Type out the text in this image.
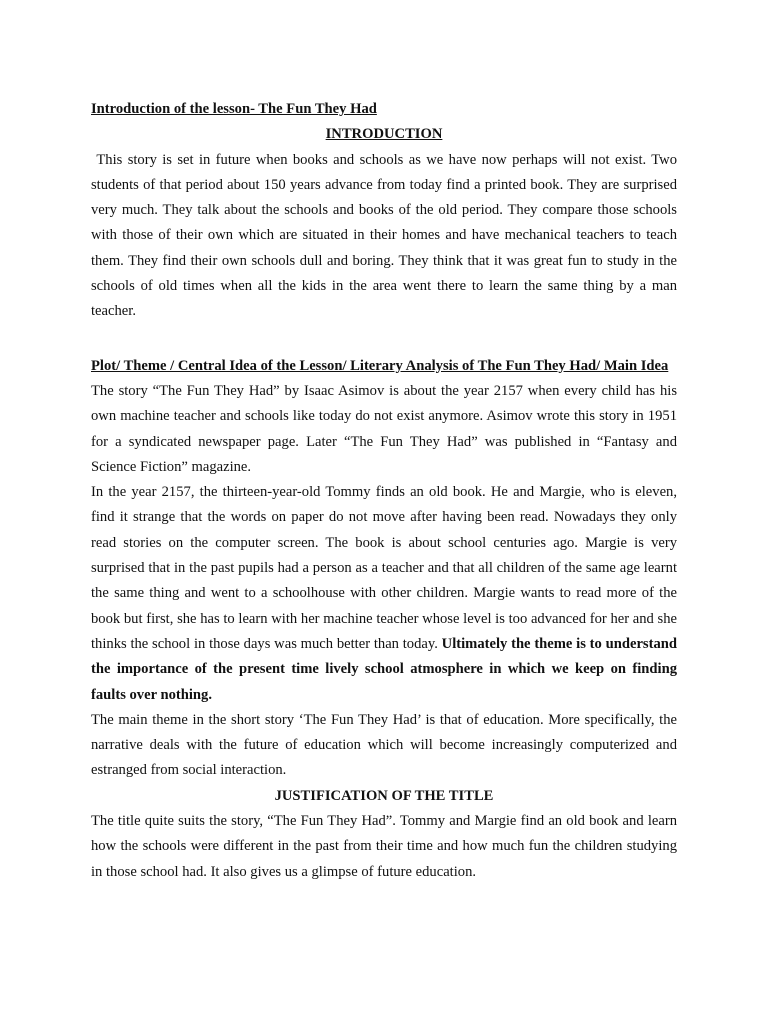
Introduction of the lesson- The Fun They Had

INTRODUCTION

This story is set in future when books and schools as we have now perhaps will not exist. Two students of that period about 150 years advance from today find a printed book. They are surprised very much. They talk about the schools and books of the old period. They compare those schools with those of their own which are situated in their homes and have mechanical teachers to teach them. They find their own schools dull and boring. They think that it was great fun to study in the schools of old times when all the kids in the area went there to learn the same thing by a man teacher.

Plot/ Theme / Central Idea of the Lesson/ Literary Analysis of The Fun They Had/ Main Idea

The story “The Fun They Had” by Isaac Asimov is about the year 2157 when every child has his own machine teacher and schools like today do not exist anymore. Asimov wrote this story in 1951 for a syndicated newspaper page. Later “The Fun They Had” was published in “Fantasy and Science Fiction” magazine.

In the year 2157, the thirteen-year-old Tommy finds an old book. He and Margie, who is eleven, find it strange that the words on paper do not move after having been read. Nowadays they only read stories on the computer screen. The book is about school centuries ago. Margie is very surprised that in the past pupils had a person as a teacher and that all children of the same age learnt the same thing and went to a schoolhouse with other children. Margie wants to read more of the book but first, she has to learn with her machine teacher whose level is too advanced for her and she thinks the school in those days was much better than today. Ultimately the theme is to understand the importance of the present time lively school atmosphere in which we keep on finding faults over nothing.

The main theme in the short story ‘The Fun They Had’ is that of education. More specifically, the narrative deals with the future of education which will become increasingly computerized and estranged from social interaction.

JUSTIFICATION OF THE TITLE

The title quite suits the story, “The Fun They Had”. Tommy and Margie find an old book and learn how the schools were different in the past from their time and how much fun the children studying in those school had. It also gives us a glimpse of future education.
